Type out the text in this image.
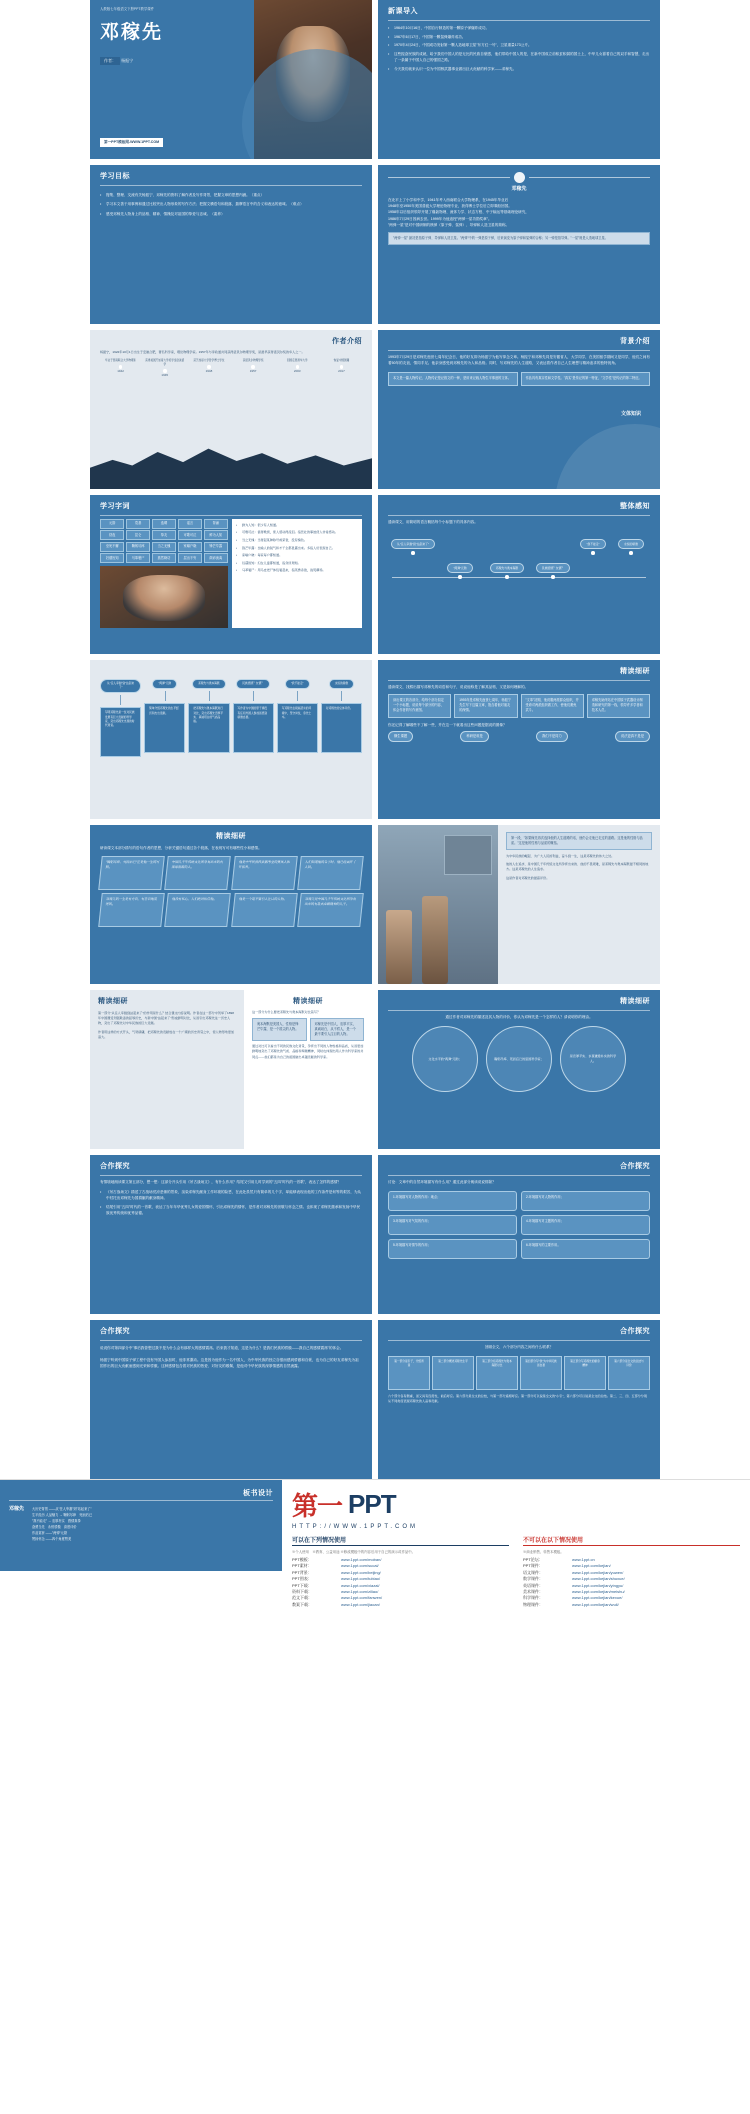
人教版七年级语文下册PPT教学课件
邓稼先
作者： 杨振宁
第一PPT模板网-WWW.1PPT.COM
新课导入
• 1964年10月16日，中国自行制造的第一颗原子弹爆炸成功。
• 1967年6月17日，中国第一颗氢弹爆炸成功。
• 1970年4月24日，中国成功发射第一颗人造地球卫星"东方红一号"，卫星重量173公斤。
• 这些振奋民族的成就，给予我们中国人的是无比的民族自豪感，他们带给中国人的是，在新中国成立前积贫积弱的国土上，中华儿女靠着自己的双手和智慧，走出了一条属于中国人自己的强国之路。
• 今天我们就来认识一位为中国核武器事业做出巨大贡献的科学家——邓稼先。
学习目标
• 搜集、整理、交流有关杨振宁、邓稼先的资料了解作者及写作背景，把握文章的思想内涵。（重点）
• 学习本文善于用事例和通过比较突出人物形象的写作方法；把握文横语句和段落，揣摩语言中的含义和表达的意味。（难点）
• 感受邓稼先人物身上的品格、精神、情操及对祖国的挚爱与忠诚。（素养）
邓稼先
在北平上了小学和中学，1941年考入西南联合大学物理系，在1945年毕业后
1948年至1950年美国普渡大学理论物理专业，获得博士学位后立即乘船回国。
1958年以后组织领导开展了爆轰物理、流体力学、状态方程、中子输运等基础理论研究，
1986年7月29日因病去世。1999年为他追授"两弹一星功勋奖章"。
"两弹一星"是对中国研制的核弹（原子弹、氢弹）、导弹和人造卫星的简称。
"两弹一星" 最初是指原子弹、导弹和人造卫星。"两弹"中的一弹是原子弹，后来演变为原子弹和氢弹的合称；另一弹是指导弹。"一星"则是人造地球卫星。
作者介绍
杨振宁，1922年10月1日出生于安徽合肥，著名科学家，理论物理学家。1957年与李政道共同获得诺贝尔物理学奖，是最早获得诺贝尔奖的华人之一。
毕业于西南联合大学物理系
1942
获得美国芝加哥大学奖学金赴美留学
1945
获芝加哥大学哲学博士学位
1948
获诺贝尔物理学奖
1957
回国定居清华大学
2003
恢复中国国籍
2017
背景介绍
1993年7月29日是邓稼先逝世七周年纪念日，他的好友即为杨振宁为他写悼念文章。杨振宁和邓稼先同是安徽省人，大学同学，在美国留学期间又是同学，他们之间有着50年的友谊，情同手足。他亲身感受到邓稼先的为人和品格。同时，写邓稼先的人生道路，又表达着作者自己人生理想与精神追求的独特视角。
本文是一篇人物传记，人物传记是记叙文的一种，是用来记载人物生平事迹的文体。	作品具有真实性和文学性。"真实"是传记的第一特征，"文学性"是传记的第二特征。
文体知识
学习字词
元勋	奠基	选聘	谣言	背诵
昼夜	昆仑	挚友	可歌可泣	鲜为人知
至死不懈	鞠躬尽瘁	当之无愧	家喻户晓	锋芒毕露
妇孺皆知	马革裹尸	燕然勒功	层出不穷	颠沛流离
• 鲜为人知：很少有人知道。
• 可歌可泣：值得歌颂，使人感动得流泪。指悲壮的事迹使人非常感动。
• 当之无愧：当得起某种称号或荣誉，没有愧色。
• 锋芒毕露：比喻人的锐气和才干全都显露出来。多指人好表现自己。
• 家喻户晓：每家每户都知道。
• 妇孺皆知：妇女儿童都知道，指众所周知。
• 马革裹尸：用马皮把尸体包裹起来，指英勇杀敌，战死疆场。
整体感知
通读课文，用简明的语言概括每个小标题下的具体内容。
从"任人宰割"到"站起来了"
"两弹"元勋	邓稼先与奥本海默	民族感情？友情？
"我不能走"	永恒的骄傲
从"任人宰割"到"站起来了"
写明邓稼先是一位对民族发展有巨大贡献的科学家，突出邓稼先出现的时代背景。
"两弹"元勋
简单介绍邓稼先的生平经历和杰出贡献。
邓稼先与奥本海默
把邓稼先与奥本海默进行对比，突出邓稼先忠厚平实、真诚坦白的气质品格。
民族感情？友情？
写作者为中国的原子弹没有任何外国人参加而感到骄傲自豪。
"我不能走"
写邓稼先在极端恶劣的环境中，坚守岗位，身先士卒。
永恒的骄傲
对邓稼先的总体评价。
精读细研
通读课文，找熊出描写邓稼先的词语和句子，说说他称是了解其品格，又是如何理解的。
读出课文的各部分，给每个部分拟定一个小标题，说说每个部分的内容，体会作者的写作意图。
1993年是邓稼先逝世七周年，杨振宁先生写下这篇文章，饱含着他对朋友的深情。
"文革"初期，他说服两派群众组织，并受命对两派组织做工作，使他们避免武斗。
邓稼先始终站在中国原子武器设计制造和研究的第一线，领导许多学者和技术人员。
你还记得了解哪些不了解一些，并在这一下就看出这些问题是据说的图像？
横生课题	科研是谁是	我们不是同力	说法更真不是是
精读细研
研读课文本部分描写的语句作者的思想，分析关键语句通过各个段落，在表现写可有哪些性小和感情。
"鞠躬尽瘁，死而后已"正是他一生的写照。
中国几千年传统文化所孕育出来的有深厚底蕴的人。
他是中华民族核武器事业的奠基人和开拓者。
人们知道他的名字时，他已经离开了人间。
邓稼先的一生是有方向、有意识地前进的。
他没有私心，人们绝对相信他。	他是一个最不要引人注目的人物。	邓稼先是中国几千年传统文化所孕育出来的有最高奉献精神的儿子。
第一段，"如果稼先再次选择他的人生道路的话，他仍会走他已走过的道路。这是他的性格与品质。"这是他的性格与品质的概括。
为中华民族的崛起、为广大人民的利益，奋斗到一生，这是邓稼先的伟大之处。
他的人生追求、是中国几千年传统文化所孕育出来的、他的不畏艰难，是邓稼先与奥本海默最不相同的地方。这是邓稼先的人生追求。
这是作者对邓稼先的最高评价。
精读细研
第一部分"从任人宰割到站起来了"的作用是什么？结合课文内容说明。作者在这一部分中列举了1898年中国遭受列强欺凌的屈辱历史，与新中国"站起来了"形成鲜明对比，从而引出邓稼先这一历史人物，突出了邓稼先对中华民族的巨大贡献。
作者用这样的方式开头，气势磅礴，把邓稼先的贡献放在一个广阔的历史背景之中，使人物形象更加高大。
精读细研
这一部分为什么要把邓稼先与奥本海默对比着写？
奥本海默是美国人，性格是锋芒毕露，是一个拔尖的人物。
邓稼先是中国人，忠厚平实，真诚坦白，从不骄人，是一个最不要引人注目的人物。
通过对比可以看出不同的民族文化背景，孕育出不同的人物性格和品质，从而更加鲜明地突出了邓稼先的气质、品格和奉献精神，同时也体现出两人作为科学家的共同点——他们都是为自己的祖国做出卓越贡献的科学家。
精读细研
通过作者对邓稼先的描述及其人物的评价，你认为邓稼先是一个怎样的人？请说明你的理由。
文化水平的"两弹"元勋；	鞠躬尽瘁、死而后已的爱国科学家；
是忠厚平实、永葆谦逊朴实的科学人。
合作探究
有情境地朗读课文第五部分，想一想：这部分开头引用《吊古战场文》，有什么作用？结尾又引用儿时学到的"五四"时代的一首歌"，表达了怎样的感情？
• 《吊古战场文》描述了古战场荒凉悲惨的景象，渲染邓稼先献身工作环境的险恶，在此处虽然只有简单的几个字，却能够表现出他的工作条件是何等的艰苦，为从中衬托出邓稼先为国捐躯的献身精神。
• 结尾引用"五四"时代的一首歌，表达了当年年华优秀儿女的爱国情怀，引出邓稼先的情怀，是作者对邓稼先的崇敬与怀念之情。也体现了邓稼先继承和发扬中华民族优秀传统和优秀品德。
合作探究
讨论：文章中的自然环境描写有什么用？通过此部分朗读说说排除？
1.环境描写对人物的作用：地点；	2.环境描写对人物的作用；
3.环境描写对气氛的作用；	4.环境描写对主题的作用；
5.环境描写对情节的作用；	6.环境描写的主要作用。
合作探究
说说你对第四部分中"事后我曾想过我不是为什么会有那样大的感情震荡。后来我才知道，这是为什么？是我们民族的骄傲——我自己的感情震荡"的体会。
杨振宁听到中国原子弹工程中没有外国人参加时，他非常激动。这是因为他作为一名中国人，为中华民族的独立自强而感到骄傲和自豪，也为自己的好友邓稼先为祖国作出的巨大贡献而感到光荣和骄傲。这种感情包含着对民族的热爱、对好友的敬佩，是他对中华民族的深厚情感的自然流露。
合作探究
回顾全文，六个部分内容之间有什么联系？
第一部分是引子，介绍背景
第二部分概述邓稼先生平	第三部分将邓稼先与奥本海默对比
第四部分写"我"为中华民族而自豪
第五部分写邓稼先的献身精神
第六部分是全文的总结与评价
六个部分各有侧重，而又具有连贯性，前后呼应。第六部分是全文的总结，与第一部分遥相呼应。第一部分可以说是全文的"小引"，第六部分可以说是全文的总结。第二、三、四、五部分分别从不同角度表现邓稼先的人品和贡献。
板书设计
邓稼先	大历史背景 ——从"任人宰割"到"站起来了"
生平经历 人品魅力 → 鞠躬尽瘁　死而后已
"我不能走" → 忠厚朴实　感情真挚
奋勇当先　永恒骄傲　高度评价
作品赏析 ——"两弹"元勋
赞扬怀念 ——四个角度赞美
第一 PPT
HTTP://WWW.1PPT.COM
可以在下列情况使用
※个人使用　※教育、公益用途 ※修改模板中的内容后用于自己的演示或作品中。
不可以在以下情况使用
※商业销售、转售本模板。
PPT模板：	www.1ppt.com/moban/
PPT素材：	www.1ppt.com/sucai/
PPT背景：	www.1ppt.com/beijing/
PPT图表：	www.1ppt.com/tubiao/
PPT下载：	www.1ppt.com/xiazai/
资料下载：	www.1ppt.com/ziliao/
范文下载：	www.1ppt.com/fanwen/
教案下载：	www.1ppt.com/jiaoan/
PPT论坛：	www.1ppt.cn
PPT课件：	www.1ppt.com/kejian/
语文课件：	www.1ppt.com/kejian/yuwen/
数学课件：	www.1ppt.com/kejian/shuxue/
英语课件：	www.1ppt.com/kejian/yingyu/
美术课件：	www.1ppt.com/kejian/meishu/
科学课件：	www.1ppt.com/kejian/kexue/
物理课件：	www.1ppt.com/kejian/wuli/
